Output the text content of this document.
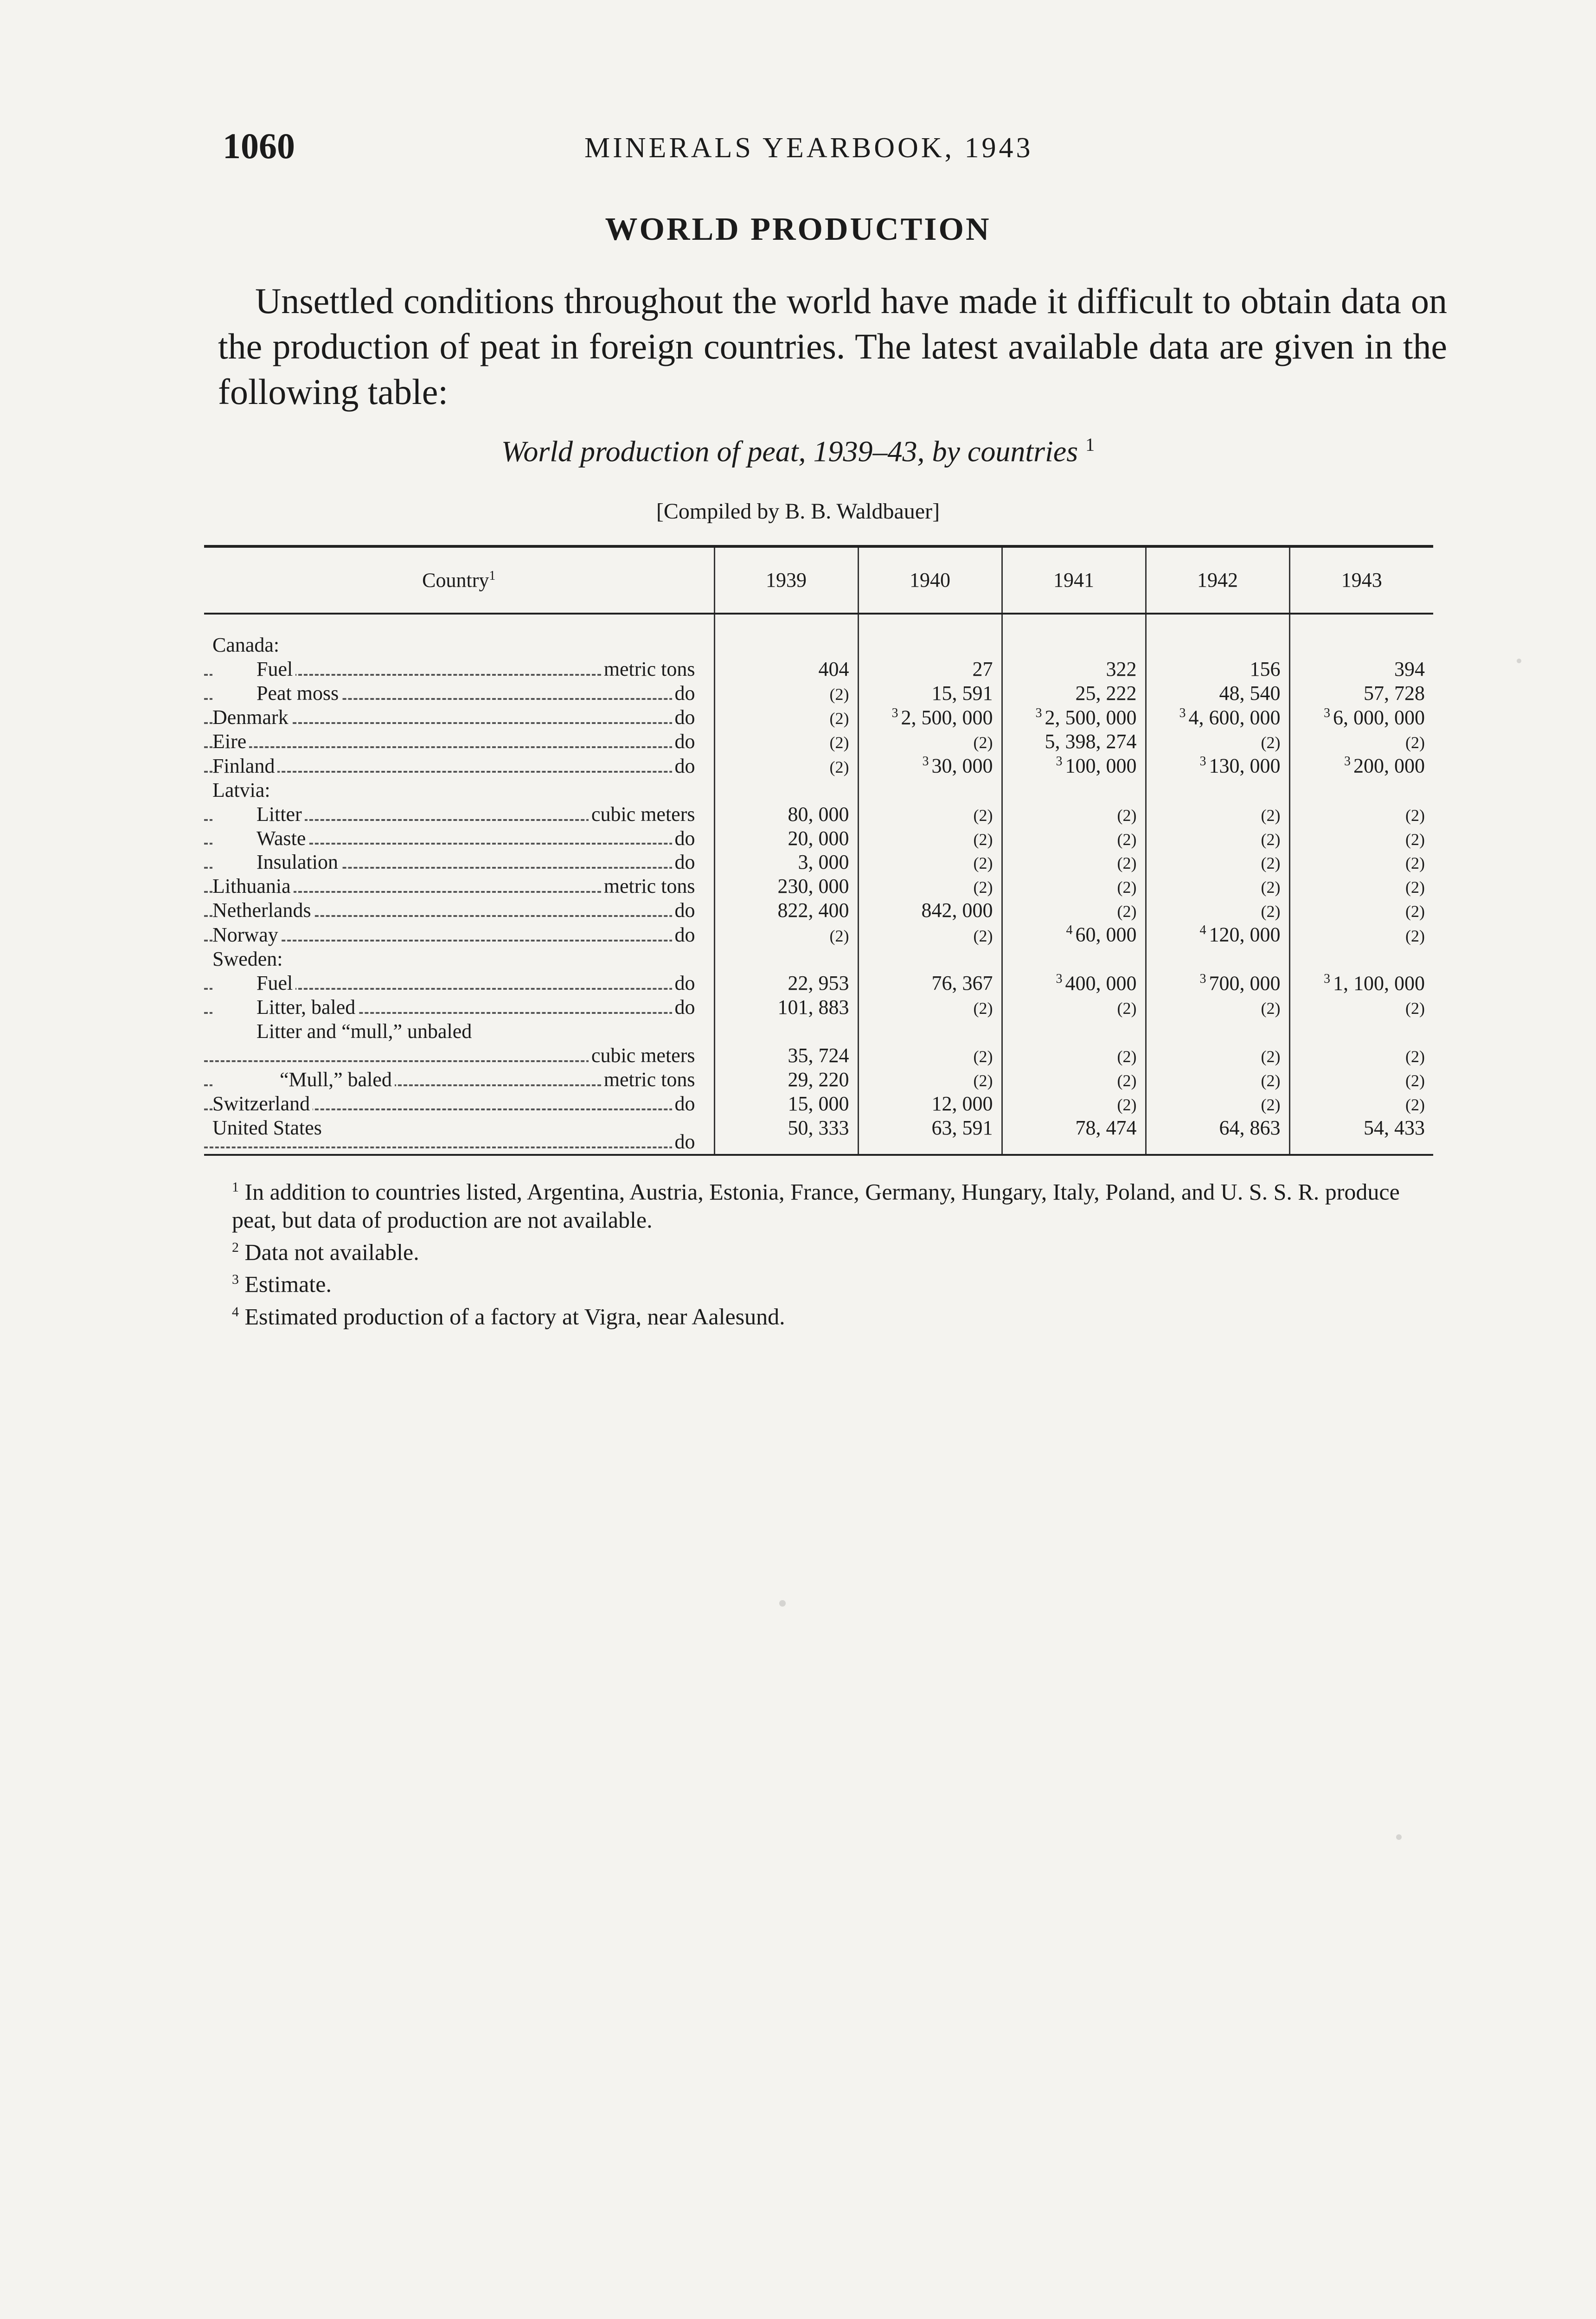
1060	MINERALS YEARBOOK, 1943
WORLD PRODUCTION

Unsettled conditions throughout the world have made it difficult to obtain data on the production of peat in foreign countries. The latest available data are given in the following table:

World production of peat, 1939–43, by countries $^1$
[Compiled by B. B. Waldbauer]
Country$^1$	1939	1940	1941	1942	1943
Canada:					
Fuel metric tons	404	27	322	156	394
Peat moss do	(2)	15, 591	25, 222	48, 540	57, 728
Denmark do	(2)	$^3$ 2, 500, 000	$^3$ 2, 500, 000	$^3$ 4, 600, 000	$^3$ 6, 000, 000
Eire do	(2)	(2)	5, 398, 274	(2)	(2)
Finland do	(2)	$^3$ 30, 000	$^3$ 100, 000	$^3$ 130, 000	$^3$ 200, 000
Latvia:					
Litter cubic meters	80, 000	(2)	(2)	(2)	(2)
Waste do	20, 000	(2)	(2)	(2)	(2)
Insulation do	3, 000	(2)	(2)	(2)	(2)
Lithuania metric tons	230, 000	(2)	(2)	(2)	(2)
Netherlands do	822, 400	842, 000	(2)	(2)	(2)
Norway do	(2)	(2)	$^4$ 60, 000	$^4$ 120, 000	(2)
Sweden:					
Fuel do	22, 953	76, 367	$^3$ 400, 000	$^3$ 700, 000	$^3$ 1, 100, 000
Litter, baled do	101, 883	(2)	(2)	(2)	(2)
Litter and “mull,” unbaled					

cubic meters	35, 724	(2)	(2)	(2)	(2)
“Mull,” baled metric tons	29, 220	(2)	(2)	(2)	(2)
Switzerland do	15, 000	12, 000	(2)	(2)	(2)
United States
do	50, 333	63, 591	78, 474	64, 863	54, 433

$^1$ In addition to countries listed, Argentina, Austria, Estonia, France, Germany, Hungary, Italy, Poland, and U. S. S. R. produce peat, but data of production are not available.

$^2$ Data not available.

$^3$ Estimate.

$^4$ Estimated production of a factory at Vigra, near Aalesund.
